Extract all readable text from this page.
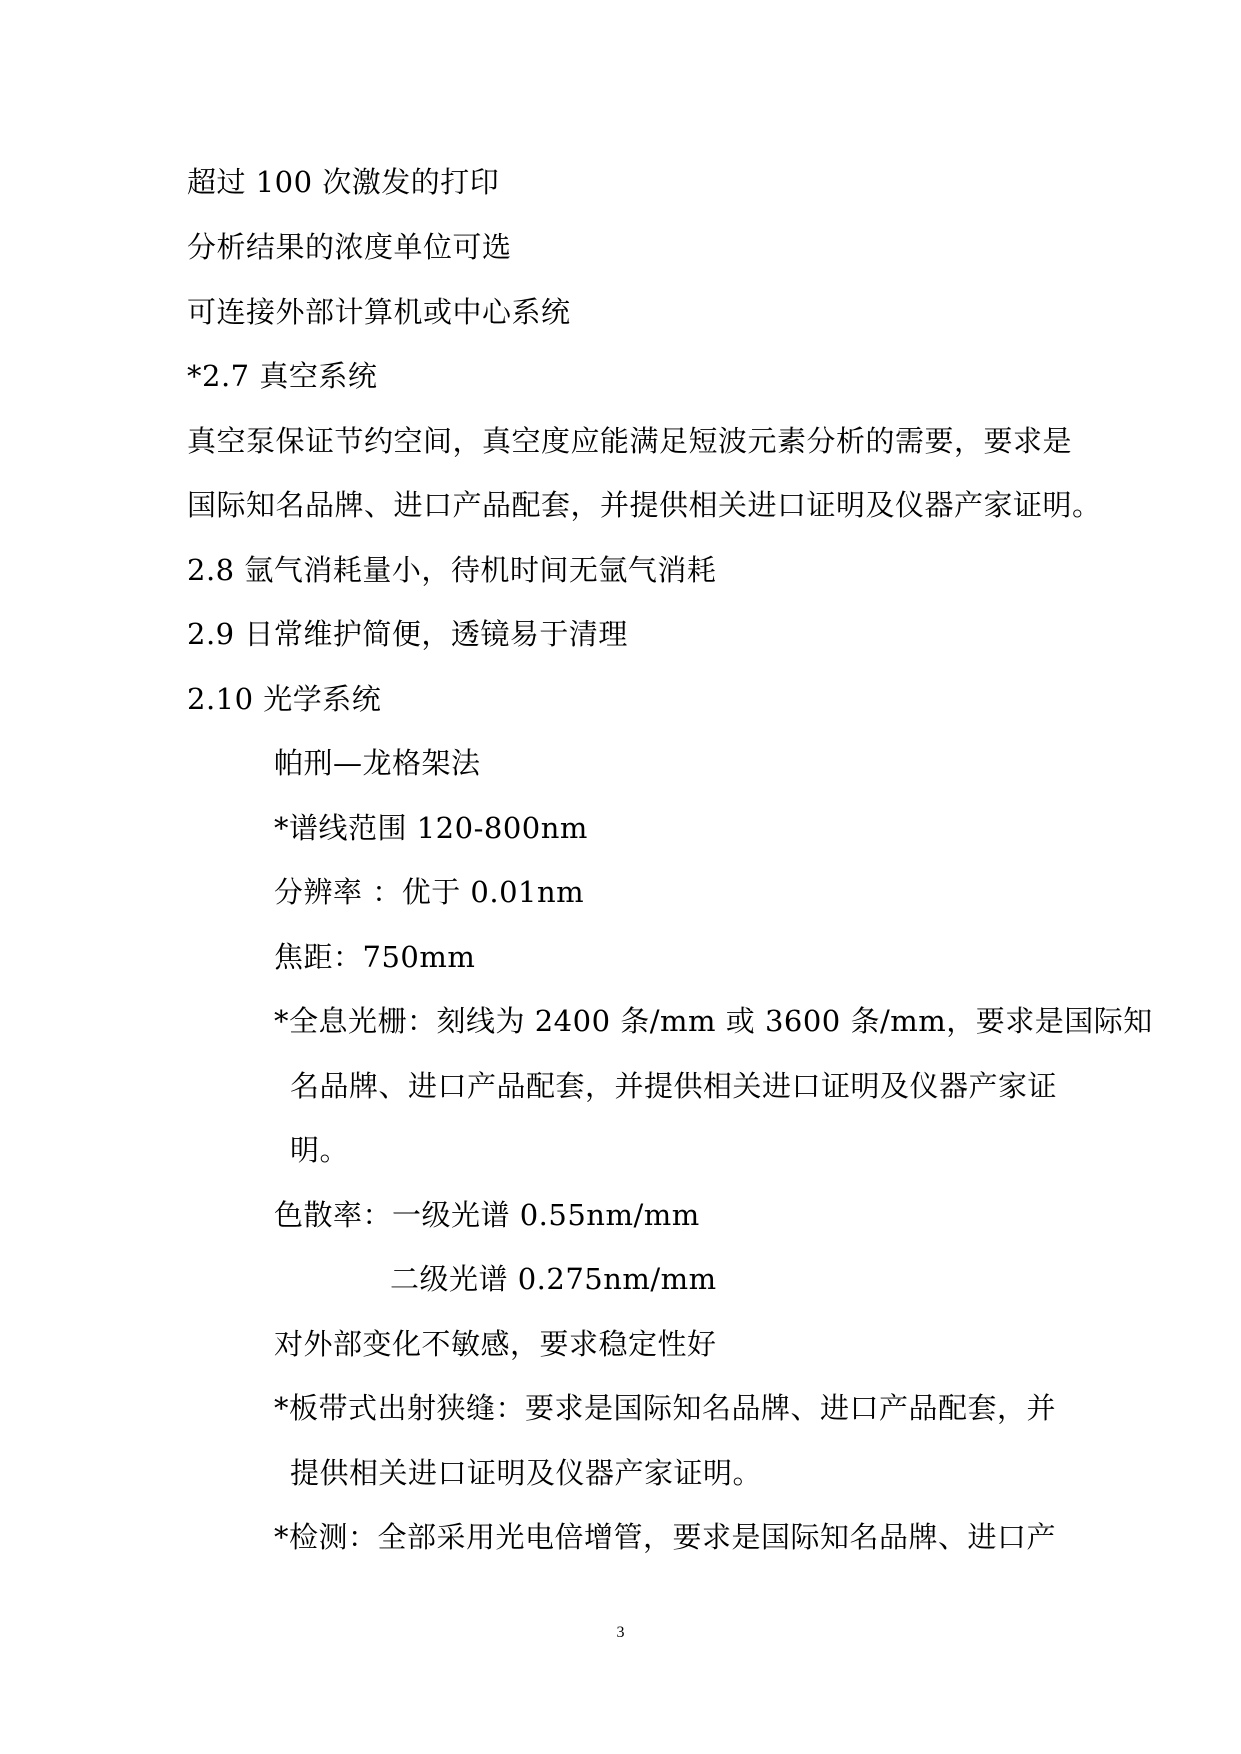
超过 100 次激发的打印
分析结果的浓度单位可选
可连接外部计算机或中心系统
*2.7 真空系统
真空泵保证节约空间，真空度应能满足短波元素分析的需要，要求是
国际知名品牌、进口产品配套，并提供相关进口证明及仪器产家证明。
2.8 氩气消耗量小，待机时间无氩气消耗
2.9 日常维护简便，透镜易于清理
2.10 光学系统
帕刑—龙格架法
*谱线范围 120-800nm
分辨率 ：优于 0.01nm
焦距：750mm
*全息光栅：刻线为 2400 条/mm 或 3600 条/mm，要求是国际知
名品牌、进口产品配套，并提供相关进口证明及仪器产家证
明。
色散率：一级光谱 0.55nm/mm
二级光谱 0.275nm/mm
对外部变化不敏感，要求稳定性好
*板带式出射狭缝：要求是国际知名品牌、进口产品配套，并
提供相关进口证明及仪器产家证明。
*检测：全部采用光电倍增管，要求是国际知名品牌、进口产
3
